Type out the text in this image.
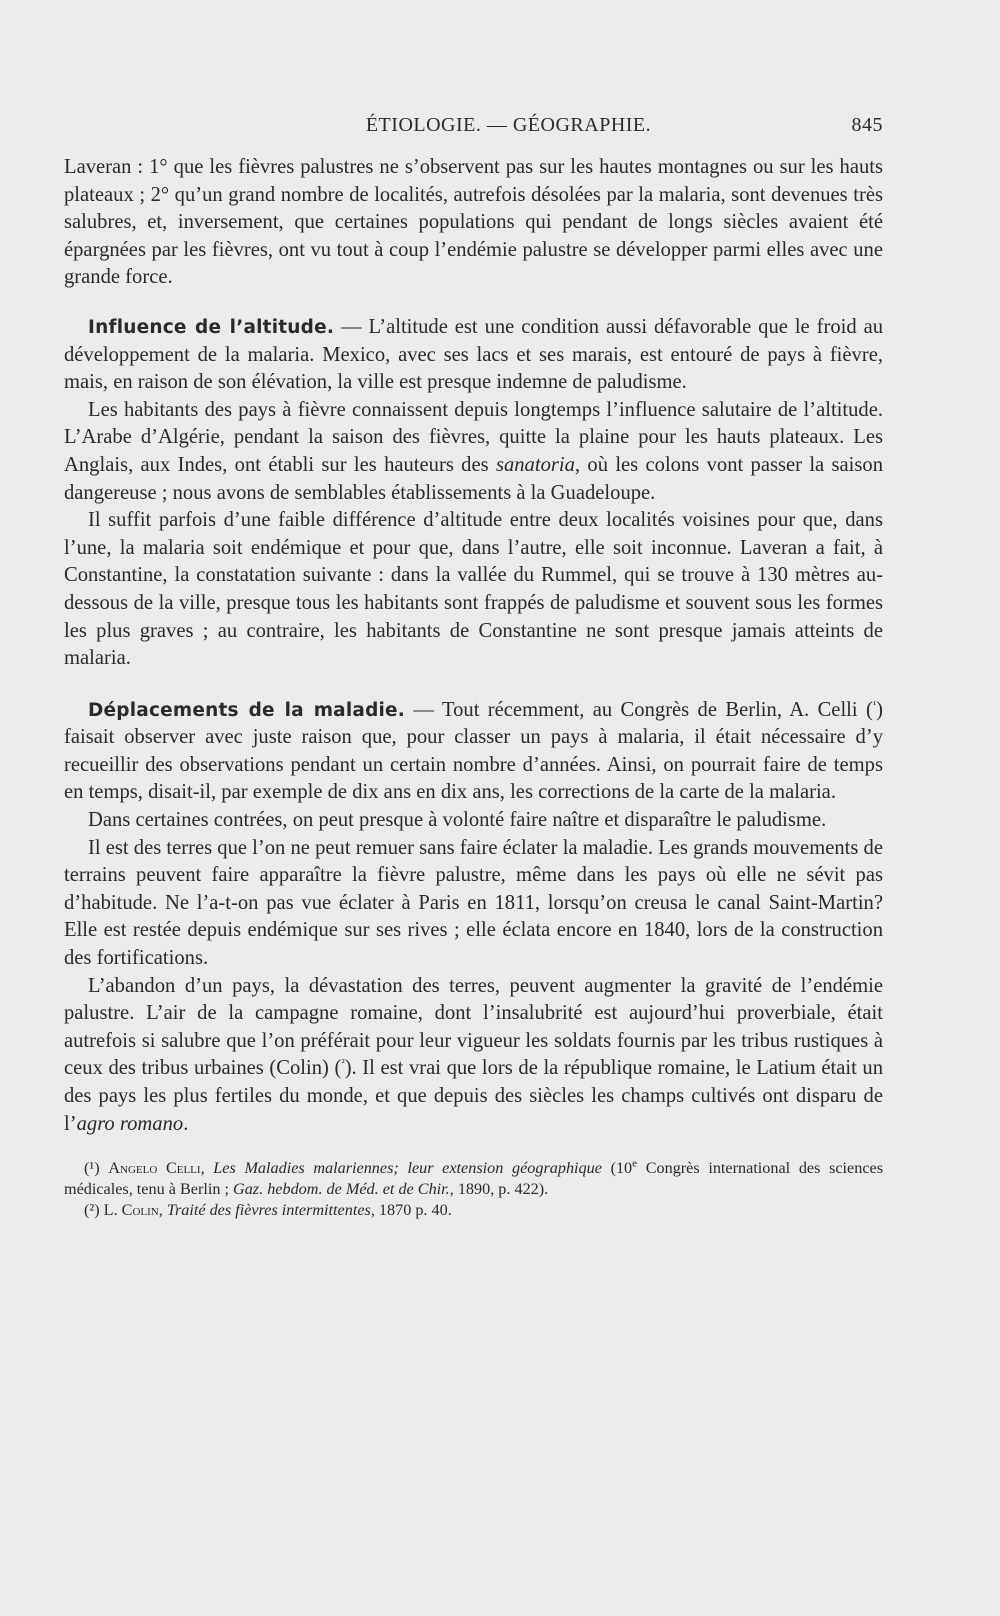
ÉTIOLOGIE. — GÉOGRAPHIE.	845

Laveran : 1° que les fièvres palustres ne s’observent pas sur les hautes montagnes ou sur les hauts plateaux ; 2° qu’un grand nombre de localités, autrefois désolées par la malaria, sont devenues très salubres, et, inversement, que certaines populations qui pendant de longs siècles avaient été épargnées par les fièvres, ont vu tout à coup l’endémie palustre se développer parmi elles avec une grande force.

Influence de l’altitude. — L’altitude est une condition aussi défavorable que le froid au développement de la malaria. Mexico, avec ses lacs et ses marais, est entouré de pays à fièvre, mais, en raison de son élévation, la ville est presque indemne de paludisme.

Les habitants des pays à fièvre connaissent depuis longtemps l’influence salutaire de l’altitude. L’Arabe d’Algérie, pendant la saison des fièvres, quitte la plaine pour les hauts plateaux. Les Anglais, aux Indes, ont établi sur les hauteurs des sanatoria, où les colons vont passer la saison dangereuse ; nous avons de semblables établissements à la Guadeloupe.

Il suffit parfois d’une faible différence d’altitude entre deux localités voisines pour que, dans l’une, la malaria soit endémique et pour que, dans l’autre, elle soit inconnue. Laveran a fait, à Constantine, la constatation suivante : dans la vallée du Rummel, qui se trouve à 130 mètres au-dessous de la ville, presque tous les habitants sont frappés de paludisme et souvent sous les formes les plus graves ; au contraire, les habitants de Constantine ne sont presque jamais atteints de malaria.

Déplacements de la maladie. — Tout récemment, au Congrès de Berlin, A. Celli ($^{^1}$) faisait observer avec juste raison que, pour classer un pays à malaria, il était nécessaire d’y recueillir des observations pendant un certain nombre d’années. Ainsi, on pourrait faire de temps en temps, disait-il, par exemple de dix ans en dix ans, les corrections de la carte de la malaria.

Dans certaines contrées, on peut presque à volonté faire naître et disparaître le paludisme.

Il est des terres que l’on ne peut remuer sans faire éclater la maladie. Les grands mouvements de terrains peuvent faire apparaître la fièvre palustre, même dans les pays où elle ne sévit pas d’habitude. Ne l’a-t-on pas vue éclater à Paris en 1811, lorsqu’on creusa le canal Saint-Martin? Elle est restée depuis endémique sur ses rives ; elle éclata encore en 1840, lors de la construction des fortifications.

L’abandon d’un pays, la dévastation des terres, peuvent augmenter la gravité de l’endémie palustre. L’air de la campagne romaine, dont l’insalubrité est aujourd’hui proverbiale, était autrefois si salubre que l’on préférait pour leur vigueur les soldats fournis par les tribus rustiques à ceux des tribus urbaines (Colin) ($^{^2}$). Il est vrai que lors de la république romaine, le Latium était un des pays les plus fertiles du monde, et que depuis des siècles les champs cultivés ont disparu de l’agro romano.

(¹) Angelo Celli, Les Maladies malariennes; leur extension géographique (10e Congrès international des sciences médicales, tenu à Berlin ; Gaz. hebdom. de Méd. et de Chir., 1890, p. 422).

(²) L. Colin, Traité des fièvres intermittentes, 1870 p. 40.
